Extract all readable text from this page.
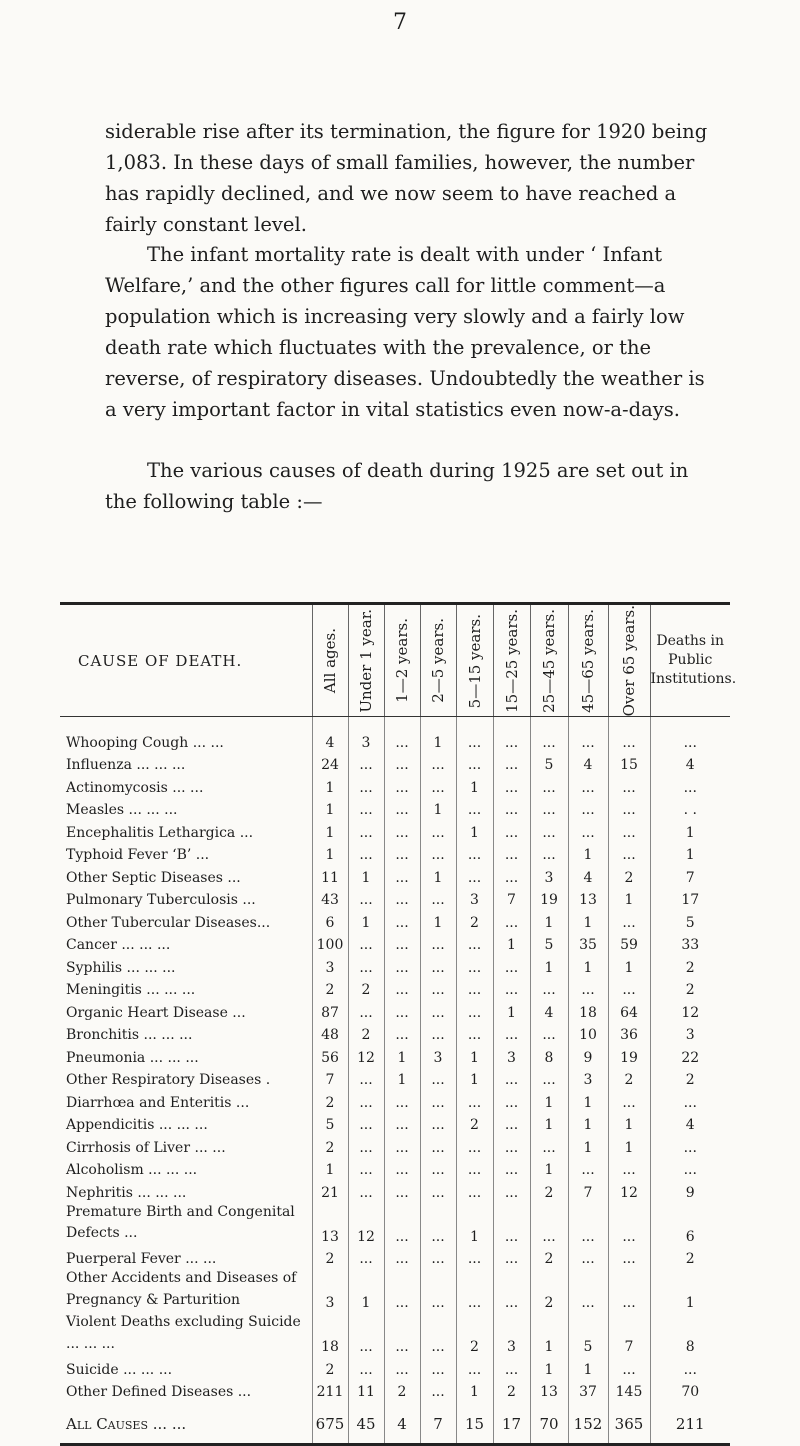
7

siderable rise after its termination, the figure for 1920 being 1,083. In these days of small families, however, the number has rapidly declined, and we now seem to have reached a fairly constant level.

The infant mortality rate is dealt with under ‘ Infant Welfare,’ and the other figures call for little comment—a population which is increasing very slowly and a fairly low death rate which fluctuates with the prevalence, or the reverse, of respiratory diseases. Undoubtedly the weather is a very important factor in vital statistics even now-a-days.

The various causes of death during 1925 are set out in the following table :—

CAUSE OF DEATH.	All ages.	Under 1 year.	1—2 years.	2—5 years.	5—15 years.	15—25 years.	25—45 years.	45—65 years.	Over 65 years.	Deaths in Public Institutions.
Whooping Cough ... ...	4	3	...	1	...	...	...	...	...	...
Influenza ... ... ...	24	...	...	...	...	...	5	4	15	4
Actinomycosis ... ...	1	...	...	...	1	...	...	...	...	...
Measles ... ... ...	1	...	...	1	...	...	...	...	...	. .
Encephalitis Lethargica ...	1	...	...	...	1	...	...	...	...	1
Typhoid Fever ‘B’ ...	1	...	...	...	...	...	...	1	...	1
Other Septic Diseases ...	11	1	...	1	...	...	3	4	2	7
Pulmonary Tuberculosis ...	43	...	...	...	3	7	19	13	1	17
Other Tubercular Diseases...	6	1	...	1	2	...	1	1	...	5
Cancer ... ... ...	100	...	...	...	...	1	5	35	59	33
Syphilis ... ... ...	3	...	...	...	...	...	1	1	1	2
Meningitis ... ... ...	2	2	...	...	...	...	...	...	...	2
Organic Heart Disease ...	87	...	...	...	...	1	4	18	64	12
Bronchitis ... ... ...	48	2	...	...	...	...	...	10	36	3
Pneumonia ... ... ...	56	12	1	3	1	3	8	9	19	22
Other Respiratory Diseases .	7	...	1	...	1	...	...	3	2	2
Diarrhœa and Enteritis ...	2	...	...	...	...	...	1	1	...	...
Appendicitis ... ... ...	5	...	...	...	2	...	1	1	1	4
Cirrhosis of Liver ... ...	2	...	...	...	...	...	...	1	1	...
Alcoholism ... ... ...	1	...	...	...	...	...	1	...	...	...
Nephritis ... ... ...	21	...	...	...	...	...	2	7	12	9
Premature Birth and Congenital Defects ...	13	12	...	...	1	...	...	...	...	6
Puerperal Fever ... ...	2	...	...	...	...	...	2	...	...	2
Other Accidents and Diseases of Pregnancy & Parturition	3	1	...	...	...	...	2	...	...	1
Violent Deaths excluding Suicide ... ... ...	18	...	...	...	2	3	1	5	7	8
Suicide ... ... ...	2	...	...	...	...	...	1	1	...	...
Other Defined Diseases ...	211	11	2	...	1	2	13	37	145	70
All Causes ... ...	675	45	4	7	15	17	70	152	365	211
